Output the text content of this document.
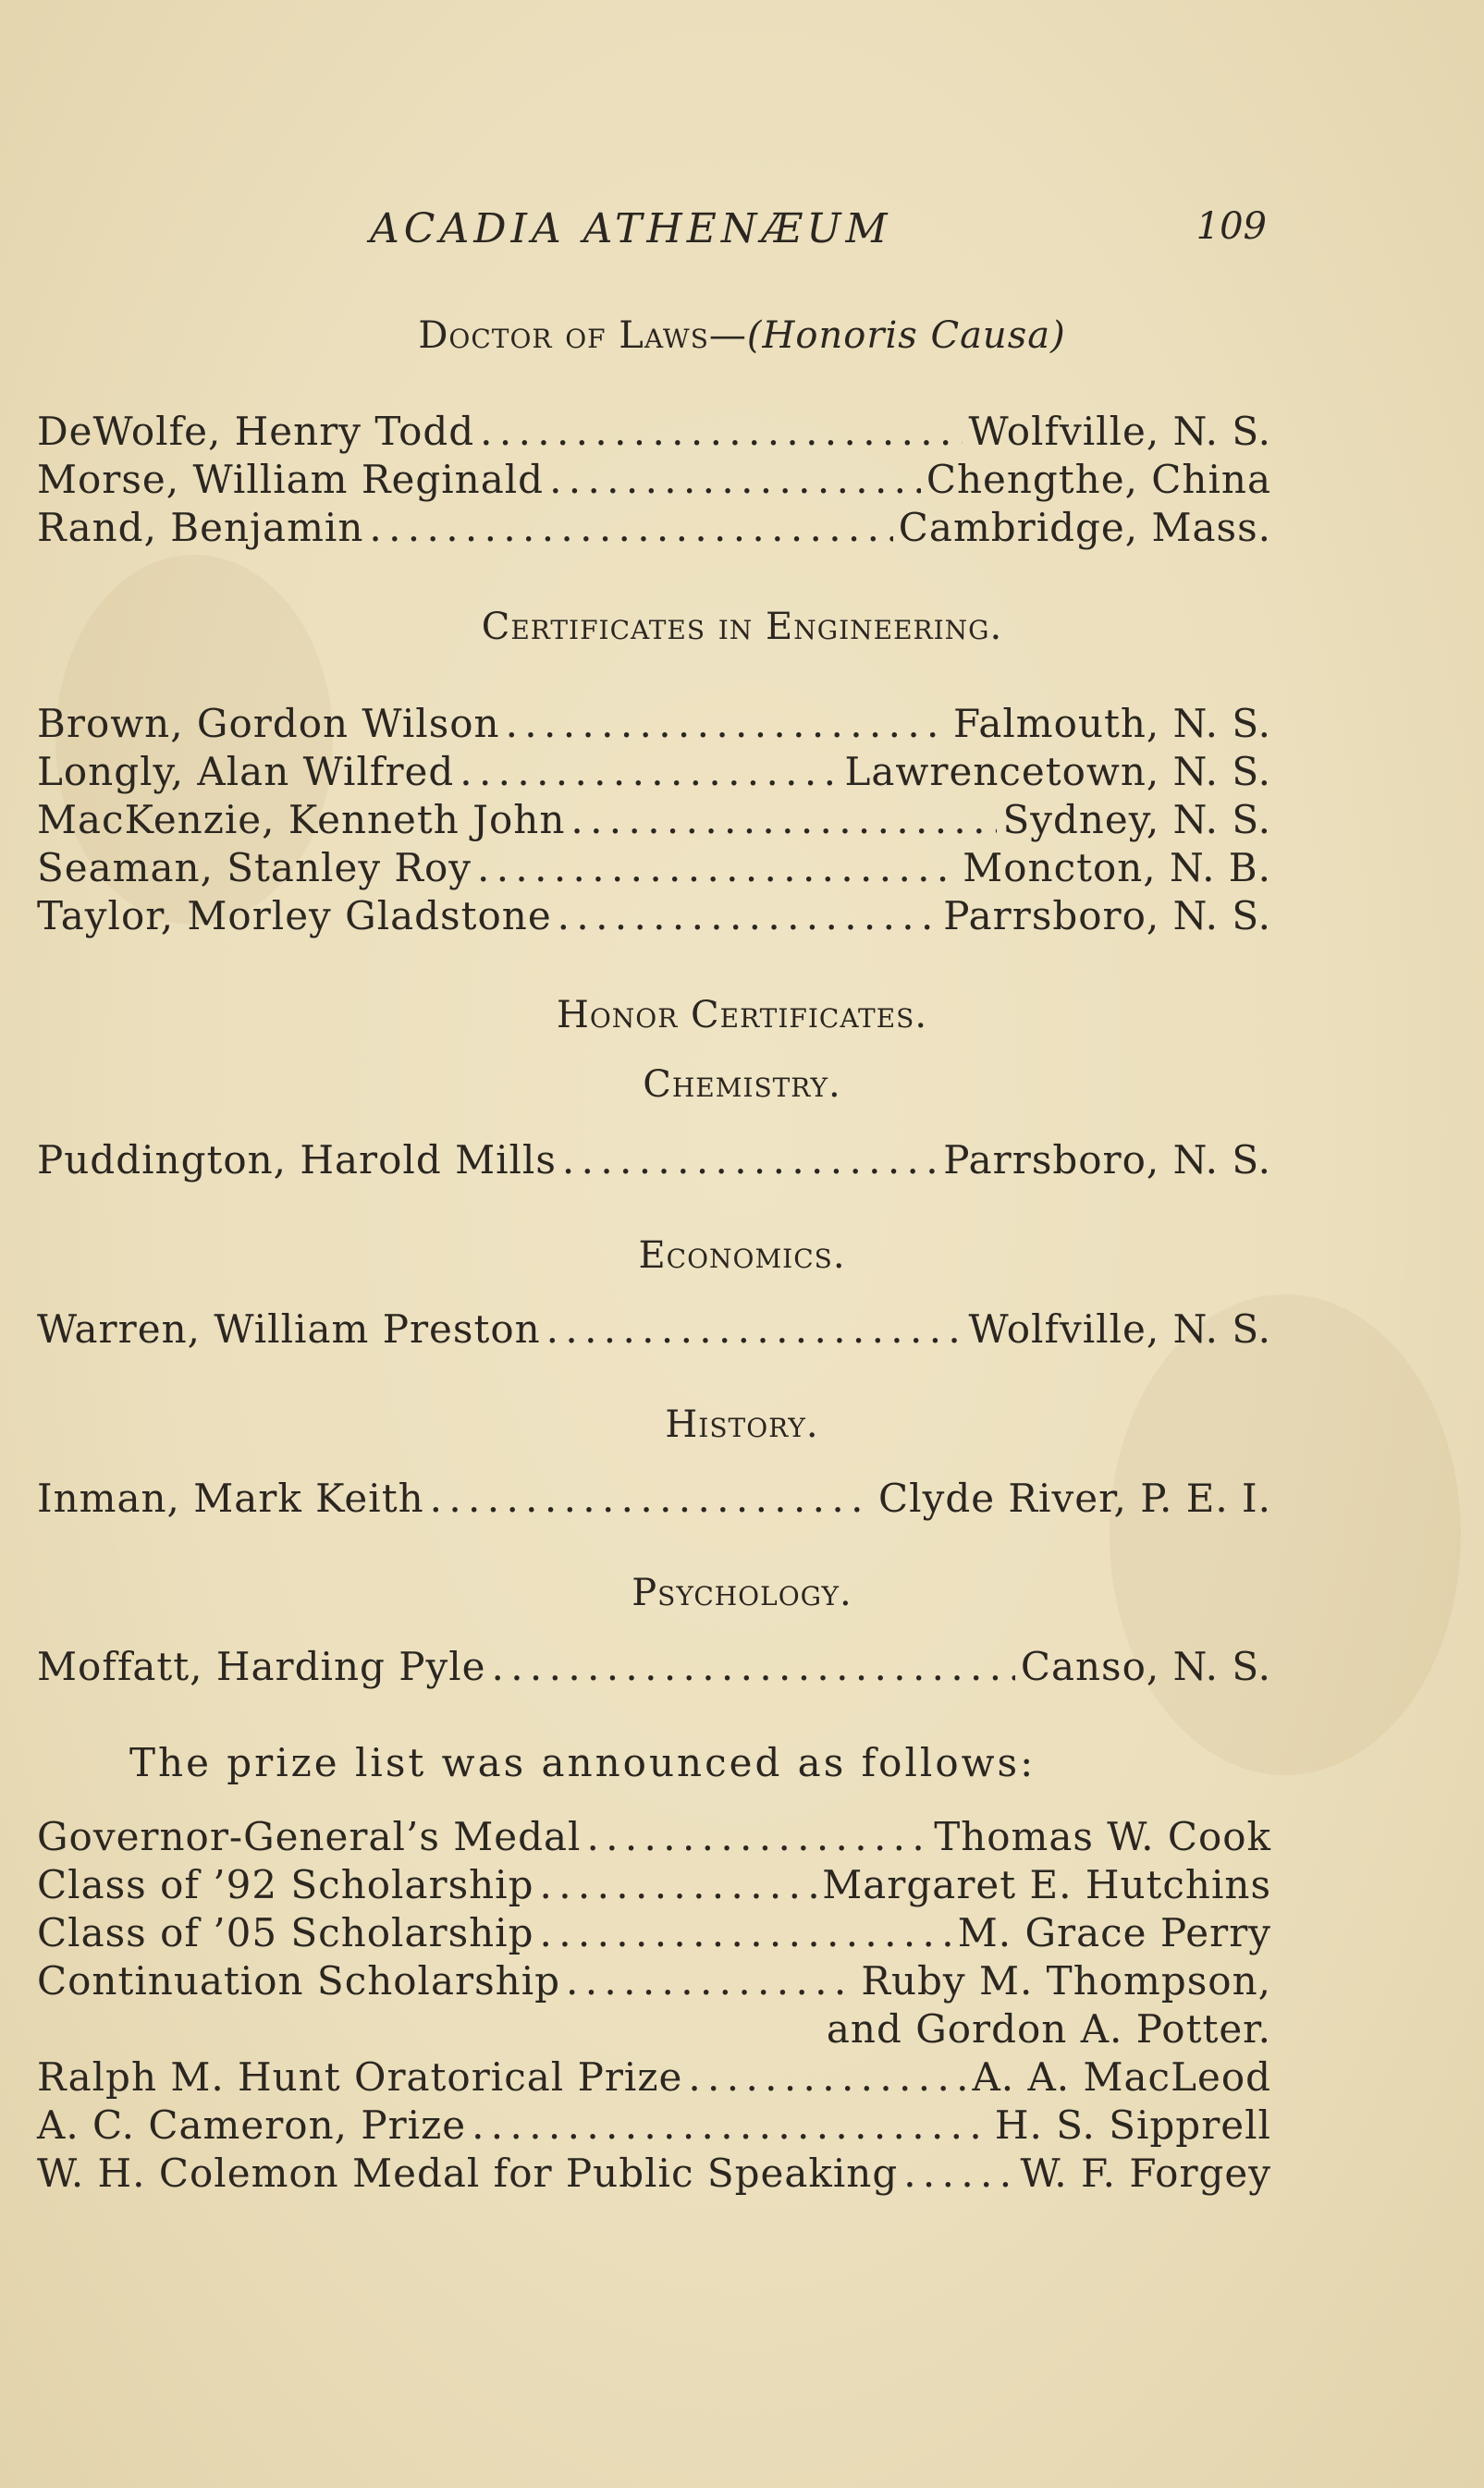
ACADIA ATHENÆUM	109
Doctor of Laws—(Honoris Causa)
DeWolfe, Henry Todd . . .	Wolfville, N. S.
Morse, William Reginald . . .	Chengthe, China
Rand, Benjamin . . .	Cambridge, Mass.
Certificates in Engineering.
Brown, Gordon Wilson . . .	Falmouth, N. S.
Longly, Alan Wilfred . . .	Lawrencetown, N. S.
MacKenzie, Kenneth John . . .	Sydney, N. S.
Seaman, Stanley Roy . . .	Moncton, N. B.
Taylor, Morley Gladstone . . .	Parrsboro, N. S.
Honor Certificates.
Chemistry.
Puddington, Harold Mills . . .	Parrsboro, N. S.
Economics.
Warren, William Preston . . .	Wolfville, N. S.
History.
Inman, Mark Keith . . .	Clyde River, P. E. I.
Psychology.
Moffatt, Harding Pyle . . .	Canso, N. S.
The prize list was announced as follows:
Governor-General’s Medal . . .	Thomas W. Cook
Class of ’92 Scholarship . . .	Margaret E. Hutchins
Class of ’05 Scholarship . . .	M. Grace Perry
Continuation Scholarship . . .	Ruby M. Thompson,
and Gordon A. Potter.
Ralph M. Hunt Oratorical Prize . . .	A. A. MacLeod
A. C. Cameron, Prize . . .	H. S. Sipprell
W. H. Colemon Medal for Public Speaking . . .	W. F. Forgey
